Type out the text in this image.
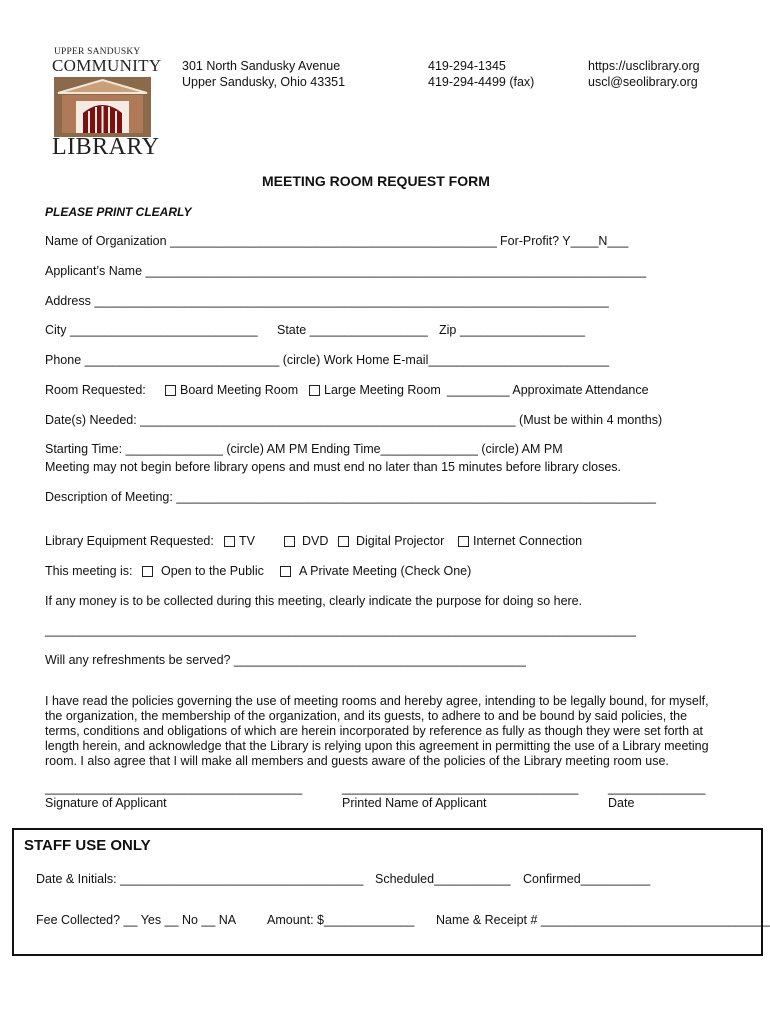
UPPER SANDUSKY
COMMUNITY
LIBRARY
301 North Sandusky Avenue
Upper Sandusky, Ohio 43351
419-294-1345
419-294-4499 (fax)
https://usclibrary.org
uscl@seolibrary.org
MEETING ROOM REQUEST FORM
PLEASE PRINT CLEARLY
Name of Organization _______________________________________________ For-Profit? Y____N___
Applicant’s Name ________________________________________________________________________
Address __________________________________________________________________________
City ___________________________ State _________________ Zip __________________
Phone ____________________________ (circle) Work Home E-mail__________________________
Room Requested:	Board Meeting Room	Large Meeting Room _________ Approximate Attendance
Date(s) Needed: ______________________________________________________ (Must be within 4 months)
Starting Time: ______________ (circle) AM PM Ending Time______________ (circle) AM PM
Meeting may not begin before library opens and must end no later than 15 minutes before library closes.
Description of Meeting: _____________________________________________________________________
Library Equipment Requested:	TV	DVD	Digital Projector	Internet Connection
This meeting is:	Open to the Public	A Private Meeting (Check One)
If any money is to be collected during this meeting, clearly indicate the purpose for doing so here.
_____________________________________________________________________________________
Will any refreshments be served? __________________________________________
I have read the policies governing the use of meeting rooms and hereby agree, intending to be legally bound, for myself, the organization, the membership of the organization, and its guests, to adhere to and be bound by said policies, the terms, conditions and obligations of which are herein incorporated by reference as fully as though they were set forth at length herein, and acknowledge that the Library is relying upon this agreement in permitting the use of a Library meeting room. I also agree that I will make all members and guests aware of the policies of the Library meeting room use.
_____________________________________
Signature of Applicant
__________________________________
Printed Name of Applicant
______________
Date
STAFF USE ONLY
Date & Initials: ___________________________________ Scheduled___________ Confirmed__________
Fee Collected? __ Yes __ No __ NA Amount: $_____________ Name & Receipt # _________________________________
